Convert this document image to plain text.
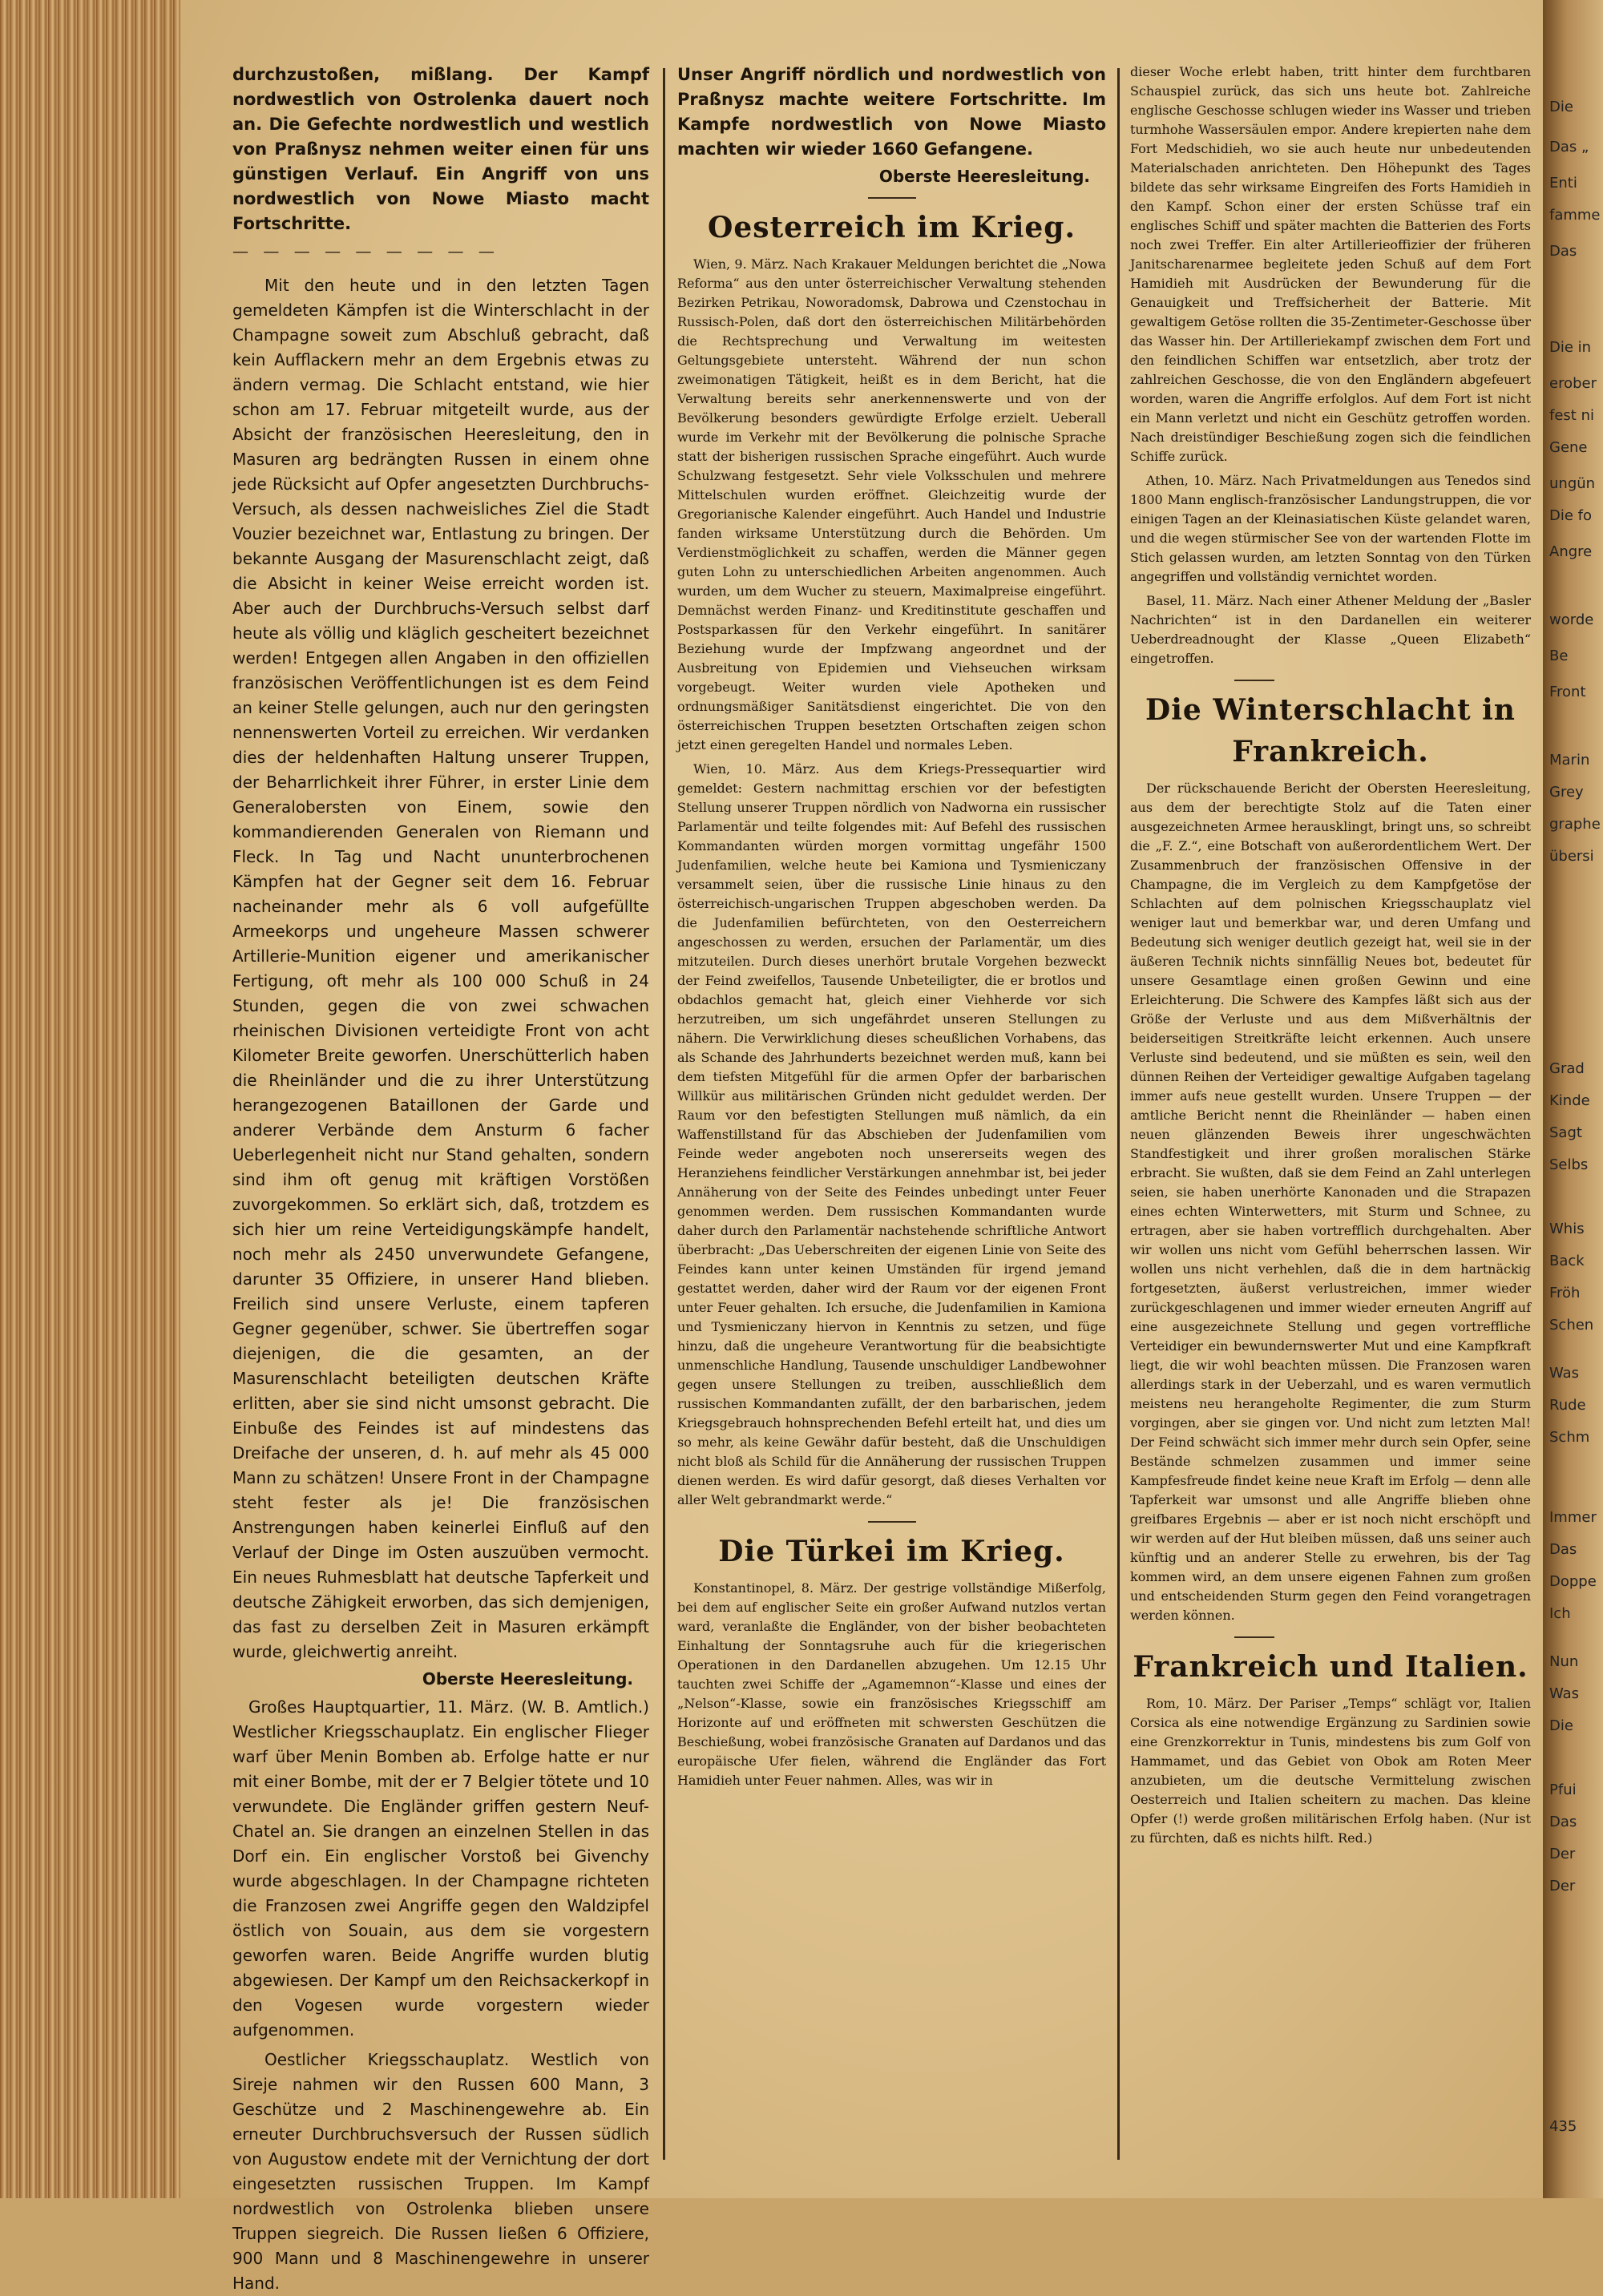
durchzustoßen, mißlang. Der Kampf nordwestlich von Ostrolenka dauert noch an. Die Gefechte nordwestlich und westlich von Praßnysz nehmen weiter einen für uns günstigen Verlauf. Ein Angriff von uns nordwestlich von Nowe Miasto macht Fortschritte.

— — — — — — — — —

Mit den heute und in den letzten Tagen gemeldeten Kämpfen ist die Winterschlacht in der Champagne soweit zum Abschluß gebracht, daß kein Aufflackern mehr an dem Ergebnis etwas zu ändern vermag. Die Schlacht entstand, wie hier schon am 17. Februar mitgeteilt wurde, aus der Absicht der französischen Heeresleitung, den in Masuren arg bedrängten Russen in einem ohne jede Rücksicht auf Opfer angesetzten Durchbruchs-Versuch, als dessen nachweisliches Ziel die Stadt Vouzier bezeichnet war, Entlastung zu bringen. Der bekannte Ausgang der Masurenschlacht zeigt, daß die Absicht in keiner Weise erreicht worden ist. Aber auch der Durchbruchs-Versuch selbst darf heute als völlig und kläglich gescheitert bezeichnet werden! Entgegen allen Angaben in den offiziellen französischen Veröffentlichungen ist es dem Feind an keiner Stelle gelungen, auch nur den geringsten nennenswerten Vorteil zu erreichen. Wir verdanken dies der heldenhaften Haltung unserer Truppen, der Beharrlichkeit ihrer Führer, in erster Linie dem Generalobersten von Einem, sowie den kommandierenden Generalen von Riemann und Fleck. In Tag und Nacht ununterbrochenen Kämpfen hat der Gegner seit dem 16. Februar nacheinander mehr als 6 voll aufgefüllte Armeekorps und ungeheure Massen schwerer Artillerie-Munition eigener und amerikanischer Fertigung, oft mehr als 100 000 Schuß in 24 Stunden, gegen die von zwei schwachen rheinischen Divisionen verteidigte Front von acht Kilometer Breite geworfen. Unerschütterlich haben die Rheinländer und die zu ihrer Unterstützung herangezogenen Bataillonen der Garde und anderer Verbände dem Ansturm 6 facher Ueberlegenheit nicht nur Stand gehalten, sondern sind ihm oft genug mit kräftigen Vorstößen zuvorgekommen. So erklärt sich, daß, trotzdem es sich hier um reine Verteidigungskämpfe handelt, noch mehr als 2450 unverwundete Gefangene, darunter 35 Offiziere, in unserer Hand blieben. Freilich sind unsere Verluste, einem tapferen Gegner gegenüber, schwer. Sie übertreffen sogar diejenigen, die die gesamten, an der Masurenschlacht beteiligten deutschen Kräfte erlitten, aber sie sind nicht umsonst gebracht. Die Einbuße des Feindes ist auf mindestens das Dreifache der unseren, d. h. auf mehr als 45 000 Mann zu schätzen! Unsere Front in der Champagne steht fester als je! Die französischen Anstrengungen haben keinerlei Einfluß auf den Verlauf der Dinge im Osten auszuüben vermocht. Ein neues Ruhmesblatt hat deutsche Tapferkeit und deutsche Zähigkeit erworben, das sich demjenigen, das fast zu derselben Zeit in Masuren erkämpft wurde, gleichwertig anreiht.

Oberste Heeresleitung.

Großes Hauptquartier, 11. März. (W. B. Amtlich.) Westlicher Kriegsschauplatz. Ein englischer Flieger warf über Menin Bomben ab. Erfolge hatte er nur mit einer Bombe, mit der er 7 Belgier tötete und 10 verwundete. Die Engländer griffen gestern Neuf-Chatel an. Sie drangen an einzelnen Stellen in das Dorf ein. Ein englischer Vorstoß bei Givenchy wurde abgeschlagen. In der Champagne richteten die Franzosen zwei Angriffe gegen den Waldzipfel östlich von Souain, aus dem sie vorgestern geworfen waren. Beide Angriffe wurden blutig abgewiesen. Der Kampf um den Reichsackerkopf in den Vogesen wurde vorgestern wieder aufgenommen.

Oestlicher Kriegsschauplatz. Westlich von Sireje nahmen wir den Russen 600 Mann, 3 Geschütze und 2 Maschinengewehre ab. Ein erneuter Durchbruchsversuch der Russen südlich von Augustow endete mit der Vernichtung der dort eingesetzten russischen Truppen. Im Kampf nordwestlich von Ostrolenka blieben unsere Truppen siegreich. Die Russen ließen 6 Offiziere, 900 Mann und 8 Maschinengewehre in unserer Hand.

Unser Angriff nördlich und nordwestlich von Praßnysz machte weitere Fortschritte. Im Kampfe nordwestlich von Nowe Miasto machten wir wieder 1660 Gefangene.

Oberste Heeresleitung.
Oesterreich im Krieg.

Wien, 9. März. Nach Krakauer Meldungen berichtet die „Nowa Reforma“ aus den unter österreichischer Verwaltung stehenden Bezirken Petrikau, Noworadomsk, Dabrowa und Czenstochau in Russisch-Polen, daß dort den österreichischen Militärbehörden die Rechtsprechung und Verwaltung im weitesten Geltungsgebiete untersteht. Während der nun schon zweimonatigen Tätigkeit, heißt es in dem Bericht, hat die Verwaltung bereits sehr anerkennenswerte und von der Bevölkerung besonders gewürdigte Erfolge erzielt. Ueberall wurde im Verkehr mit der Bevölkerung die polnische Sprache statt der bisherigen russischen Sprache eingeführt. Auch wurde Schulzwang festgesetzt. Sehr viele Volksschulen und mehrere Mittelschulen wurden eröffnet. Gleichzeitig wurde der Gregorianische Kalender eingeführt. Auch Handel und Industrie fanden wirksame Unterstützung durch die Behörden. Um Verdienstmöglichkeit zu schaffen, werden die Männer gegen guten Lohn zu unterschiedlichen Arbeiten angenommen. Auch wurden, um dem Wucher zu steuern, Maximalpreise eingeführt. Demnächst werden Finanz- und Kreditinstitute geschaffen und Postsparkassen für den Verkehr eingeführt. In sanitärer Beziehung wurde der Impfzwang angeordnet und der Ausbreitung von Epidemien und Viehseuchen wirksam vorgebeugt. Weiter wurden viele Apotheken und ordnungsmäßiger Sanitätsdienst eingerichtet. Die von den österreichischen Truppen besetzten Ortschaften zeigen schon jetzt einen geregelten Handel und normales Leben.

Wien, 10. März. Aus dem Kriegs-Pressequartier wird gemeldet: Gestern nachmittag erschien vor der befestigten Stellung unserer Truppen nördlich von Nadworna ein russischer Parlamentär und teilte folgendes mit: Auf Befehl des russischen Kommandanten würden morgen vormittag ungefähr 1500 Judenfamilien, welche heute bei Kamiona und Tysmieniczany versammelt seien, über die russische Linie hinaus zu den österreichisch-ungarischen Truppen abgeschoben werden. Da die Judenfamilien befürchteten, von den Oesterreichern angeschossen zu werden, ersuchen der Parlamentär, um dies mitzuteilen. Durch dieses unerhört brutale Vorgehen bezweckt der Feind zweifellos, Tausende Unbeteiligter, die er brotlos und obdachlos gemacht hat, gleich einer Viehherde vor sich herzutreiben, um sich ungefährdet unseren Stellungen zu nähern. Die Verwirklichung dieses scheußlichen Vorhabens, das als Schande des Jahrhunderts bezeichnet werden muß, kann bei dem tiefsten Mitgefühl für die armen Opfer der barbarischen Willkür aus militärischen Gründen nicht geduldet werden. Der Raum vor den befestigten Stellungen muß nämlich, da ein Waffenstillstand für das Abschieben der Judenfamilien vom Feinde weder angeboten noch unsererseits wegen des Heranziehens feindlicher Verstärkungen annehmbar ist, bei jeder Annäherung von der Seite des Feindes unbedingt unter Feuer genommen werden. Dem russischen Kommandanten wurde daher durch den Parlamentär nachstehende schriftliche Antwort überbracht: „Das Ueberschreiten der eigenen Linie von Seite des Feindes kann unter keinen Umständen für irgend jemand gestattet werden, daher wird der Raum vor der eigenen Front unter Feuer gehalten. Ich ersuche, die Judenfamilien in Kamiona und Tysmieniczany hiervon in Kenntnis zu setzen, und füge hinzu, daß die ungeheure Verantwortung für die beabsichtigte unmenschliche Handlung, Tausende unschuldiger Landbewohner gegen unsere Stellungen zu treiben, ausschließlich dem russischen Kommandanten zufällt, der den barbarischen, jedem Kriegsgebrauch hohnsprechenden Befehl erteilt hat, und dies um so mehr, als keine Gewähr dafür besteht, daß die Unschuldigen nicht bloß als Schild für die Annäherung der russischen Truppen dienen werden. Es wird dafür gesorgt, daß dieses Verhalten vor aller Welt gebrandmarkt werde.“

Die Türkei im Krieg.

Konstantinopel, 8. März. Der gestrige vollständige Mißerfolg, bei dem auf englischer Seite ein großer Aufwand nutzlos vertan ward, veranlaßte die Engländer, von der bisher beobachteten Einhaltung der Sonntagsruhe auch für die kriegerischen Operationen in den Dardanellen abzugehen. Um 12.15 Uhr tauchten zwei Schiffe der „Agamemnon“-Klasse und eines der „Nelson“-Klasse, sowie ein französisches Kriegsschiff am Horizonte auf und eröffneten mit schwersten Geschützen die Beschießung, wobei französische Granaten auf Dardanos und das europäische Ufer fielen, während die Engländer das Fort Hamidieh unter Feuer nahmen. Alles, was wir in

dieser Woche erlebt haben, tritt hinter dem furchtbaren Schauspiel zurück, das sich uns heute bot. Zahlreiche englische Geschosse schlugen wieder ins Wasser und trieben turmhohe Wassersäulen empor. Andere krepierten nahe dem Fort Medschidieh, wo sie auch heute nur unbedeutenden Materialschaden anrichteten. Den Höhepunkt des Tages bildete das sehr wirksame Eingreifen des Forts Hamidieh in den Kampf. Schon einer der ersten Schüsse traf ein englisches Schiff und später machten die Batterien des Forts noch zwei Treffer. Ein alter Artillerieoffizier der früheren Janitscharenarmee begleitete jeden Schuß auf dem Fort Hamidieh mit Ausdrücken der Bewunderung für die Genauigkeit und Treffsicherheit der Batterie. Mit gewaltigem Getöse rollten die 35-Zentimeter-Geschosse über das Wasser hin. Der Artilleriekampf zwischen dem Fort und den feindlichen Schiffen war entsetzlich, aber trotz der zahlreichen Geschosse, die von den Engländern abgefeuert worden, waren die Angriffe erfolglos. Auf dem Fort ist nicht ein Mann verletzt und nicht ein Geschütz getroffen worden. Nach dreistündiger Beschießung zogen sich die feindlichen Schiffe zurück.

Athen, 10. März. Nach Privatmeldungen aus Tenedos sind 1800 Mann englisch-französischer Landungstruppen, die vor einigen Tagen an der Kleinasiatischen Küste gelandet waren, und die wegen stürmischer See von der wartenden Flotte im Stich gelassen wurden, am letzten Sonntag von den Türken angegriffen und vollständig vernichtet worden.

Basel, 11. März. Nach einer Athener Meldung der „Basler Nachrichten“ ist in den Dardanellen ein weiterer Ueberdreadnought der Klasse „Queen Elizabeth“ eingetroffen.

Die Winterschlacht in Frankreich.

Der rückschauende Bericht der Obersten Heeresleitung, aus dem der berechtigte Stolz auf die Taten einer ausgezeichneten Armee herausklingt, bringt uns, so schreibt die „F. Z.“, eine Botschaft von außerordentlichem Wert. Der Zusammenbruch der französischen Offensive in der Champagne, die im Vergleich zu dem Kampfgetöse der Schlachten auf dem polnischen Kriegsschauplatz viel weniger laut und bemerkbar war, und deren Umfang und Bedeutung sich weniger deutlich gezeigt hat, weil sie in der äußeren Technik nichts sinnfällig Neues bot, bedeutet für unsere Gesamtlage einen großen Gewinn und eine Erleichterung. Die Schwere des Kampfes läßt sich aus der Größe der Verluste und aus dem Mißverhältnis der beiderseitigen Streitkräfte leicht erkennen. Auch unsere Verluste sind bedeutend, und sie müßten es sein, weil den dünnen Reihen der Verteidiger gewaltige Aufgaben tagelang immer aufs neue gestellt wurden. Unsere Truppen — der amtliche Bericht nennt die Rheinländer — haben einen neuen glänzenden Beweis ihrer ungeschwächten Standfestigkeit und ihrer großen moralischen Stärke erbracht. Sie wußten, daß sie dem Feind an Zahl unterlegen seien, sie haben unerhörte Kanonaden und die Strapazen eines echten Winterwetters, mit Sturm und Schnee, zu ertragen, aber sie haben vortrefflich durchgehalten. Aber wir wollen uns nicht vom Gefühl beherrschen lassen. Wir wollen uns nicht verhehlen, daß die in dem hartnäckig fortgesetzten, äußerst verlustreichen, immer wieder zurückgeschlagenen und immer wieder erneuten Angriff auf eine ausgezeichnete Stellung und gegen vortreffliche Verteidiger ein bewundernswerter Mut und eine Kampfkraft liegt, die wir wohl beachten müssen. Die Franzosen waren allerdings stark in der Ueberzahl, und es waren vermutlich meistens neu herangeholte Regimenter, die zum Sturm vorgingen, aber sie gingen vor. Und nicht zum letzten Mal! Der Feind schwächt sich immer mehr durch sein Opfer, seine Bestände schmelzen zusammen und immer seine Kampfesfreude findet keine neue Kraft im Erfolg — denn alle Tapferkeit war umsonst und alle Angriffe blieben ohne greifbares Ergebnis — aber er ist noch nicht erschöpft und wir werden auf der Hut bleiben müssen, daß uns seiner auch künftig und an anderer Stelle zu erwehren, bis der Tag kommen wird, an dem unsere eigenen Fahnen zum großen und entscheidenden Sturm gegen den Feind vorangetragen werden können.

Frankreich und Italien.

Rom, 10. März. Der Pariser „Temps“ schlägt vor, Italien Corsica als eine notwendige Ergänzung zu Sardinien sowie eine Grenzkorrektur in Tunis, mindestens bis zum Golf von Hammamet, und das Gebiet von Obok am Roten Meer anzubieten, um die deutsche Vermittelung zwischen Oesterreich und Italien scheitern zu machen. Das kleine Opfer (!) werde großen militärischen Erfolg haben. (Nur ist zu fürchten, daß es nichts hilft. Red.)

Die

Das „

Enti

famme

Das

Die in

erober

fest ni

Gene

ungün

Die fo

Angre

worde

Be

Front

Marin

Grey

graphe

übersi

Grad

Kinde

Sagt

Selbs

Whis

Back

Fröh

Schen

Was

Rude

Schm

Immer

Das

Doppe

Ich

Nun

Was

Die

Pfui

Das

Der

Der

435
